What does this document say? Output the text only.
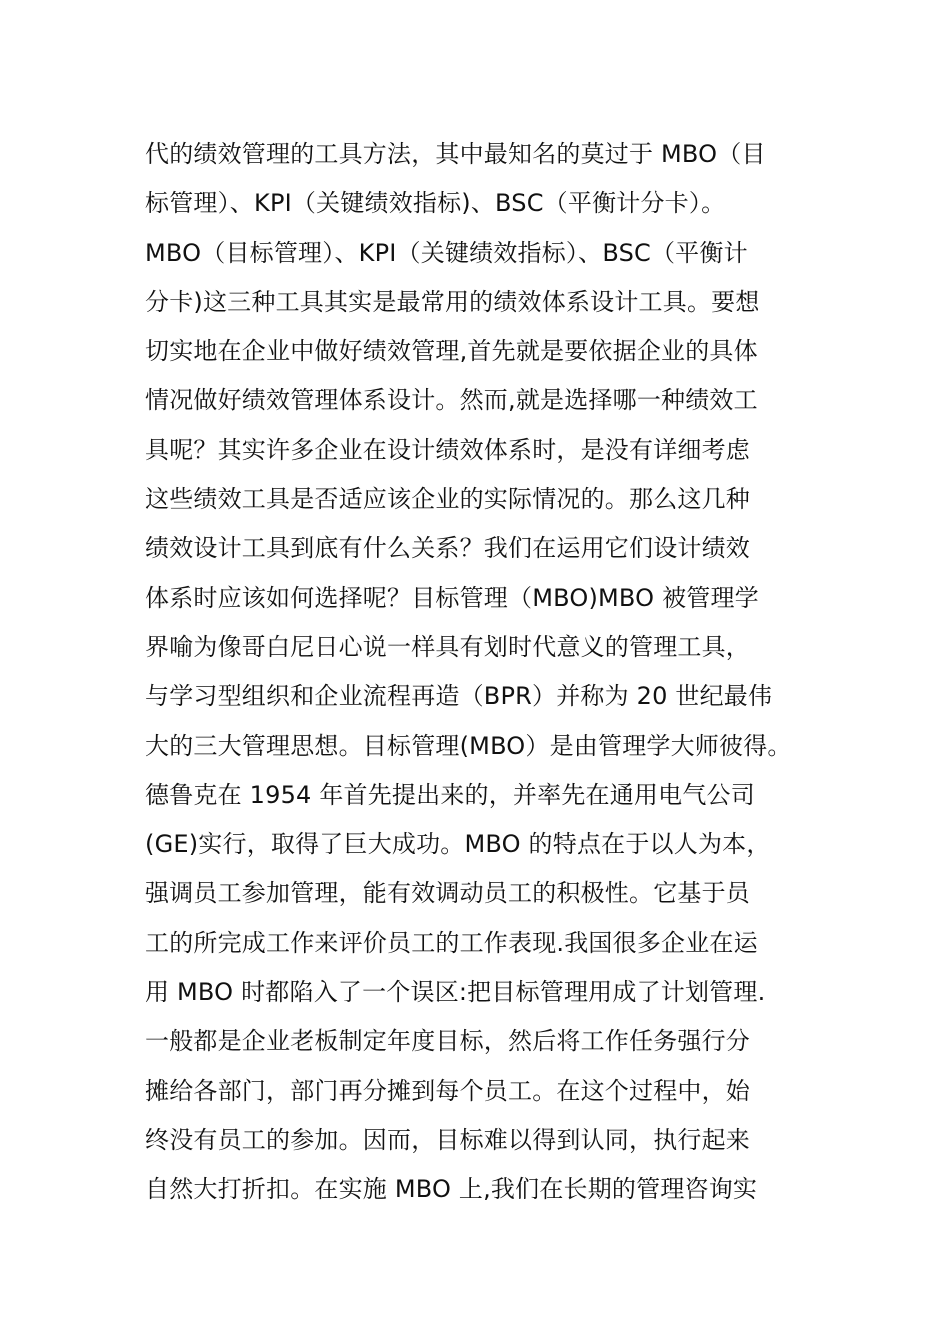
代的绩效管理的工具方法，其中最知名的莫过于 MBO（目
标管理）、KPI（关键绩效指标)、BSC（平衡计分卡）。
MBO（目标管理）、KPI（关键绩效指标）、BSC（平衡计
分卡)这三种工具其实是最常用的绩效体系设计工具。要想
切实地在企业中做好绩效管理,首先就是要依据企业的具体
情况做好绩效管理体系设计。然而,就是选择哪一种绩效工
具呢？其实许多企业在设计绩效体系时，是没有详细考虑
这些绩效工具是否适应该企业的实际情况的。那么这几种
绩效设计工具到底有什么关系？我们在运用它们设计绩效
体系时应该如何选择呢？目标管理（MBO)MBO 被管理学
界喻为像哥白尼日心说一样具有划时代意义的管理工具，
与学习型组织和企业流程再造（BPR）并称为 20 世纪最伟
大的三大管理思想。目标管理(MBO）是由管理学大师彼得。
德鲁克在 1954 年首先提出来的，并率先在通用电气公司
(GE)实行，取得了巨大成功。MBO 的特点在于以人为本，
强调员工参加管理，能有效调动员工的积极性。它基于员
工的所完成工作来评价员工的工作表现.我国很多企业在运
用 MBO 时都陷入了一个误区:把目标管理用成了计划管理.
一般都是企业老板制定年度目标，然后将工作任务强行分
摊给各部门，部门再分摊到每个员工。在这个过程中，始
终没有员工的参加。因而，目标难以得到认同，执行起来
自然大打折扣。在实施 MBO 上,我们在长期的管理咨询实
